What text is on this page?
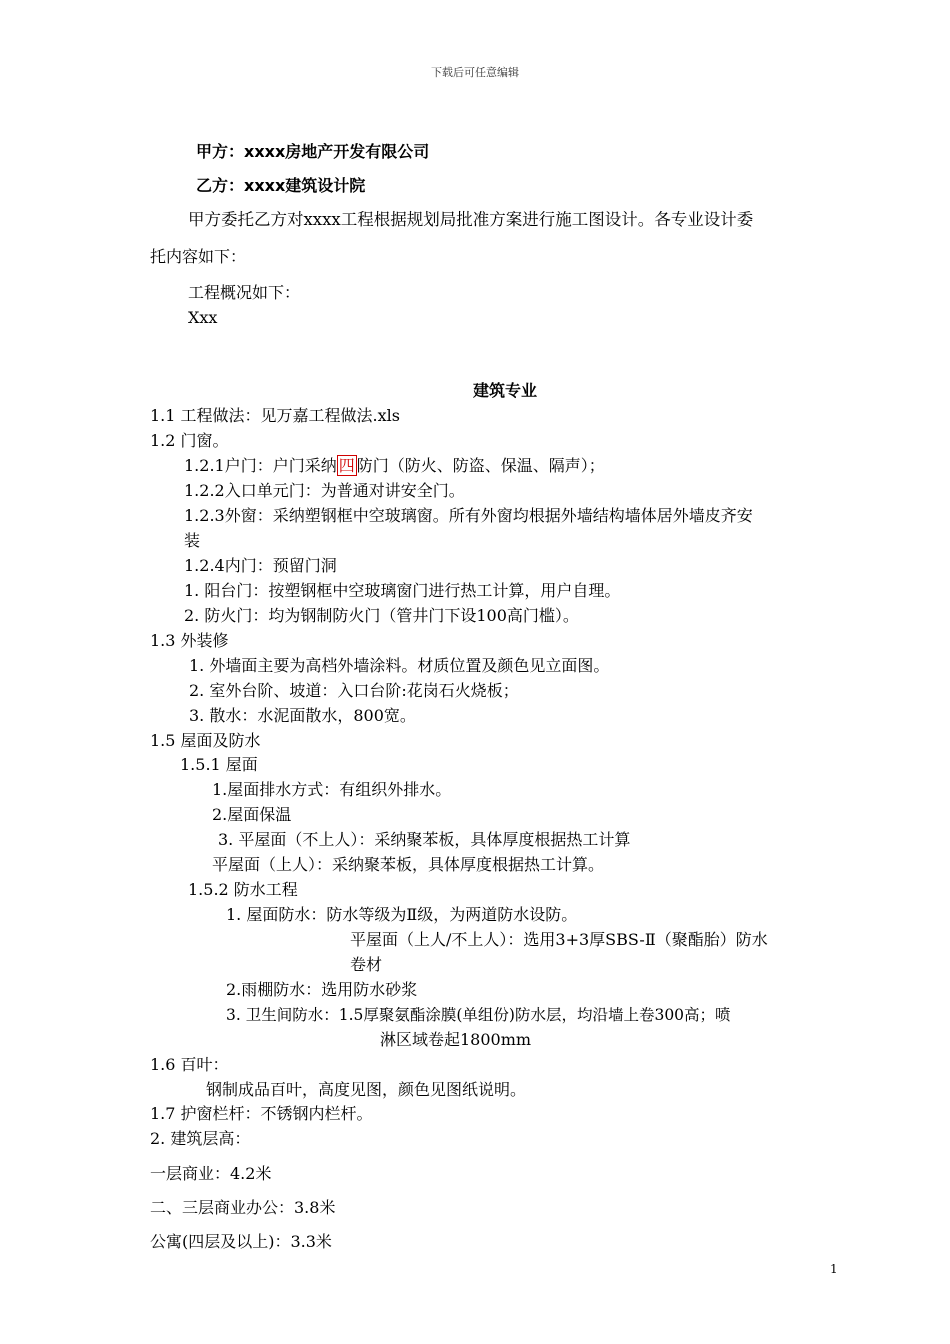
下载后可任意编辑
甲方：xxxx房地产开发有限公司
乙方：xxxx建筑设计院
甲方委托乙方对xxxx工程根据规划局批准方案进行施工图设计。各专业设计委
托内容如下：
工程概况如下：
Xxx
建筑专业
1.1 工程做法：见万嘉工程做法.xls
1.2 门窗。
1.2.1户门：户门采纳 四 防门（防火、防盗、保温、隔声）；
1.2.2入口单元门：为普通对讲安全门。
1.2.3外窗：采纳塑钢框中空玻璃窗。所有外窗均根据外墙结构墙体居外墙皮齐安
装
1.2.4内门：预留门洞
1. 阳台门：按塑钢框中空玻璃窗门进行热工计算，用户自理。
2. 防火门：均为钢制防火门（管井门下设100高门槛）。
1.3 外装修
1. 外墙面主要为高档外墙涂料。材质位置及颜色见立面图。
2. 室外台阶、坡道：入口台阶:花岗石火烧板；
3. 散水：水泥面散水，800宽。
1.5 屋面及防水
1.5.1 屋面
1.屋面排水方式：有组织外排水。
2.屋面保温
3. 平屋面（不上人）：采纳聚苯板，具体厚度根据热工计算
平屋面（上人）：采纳聚苯板，具体厚度根据热工计算。
1.5.2 防水工程
1. 屋面防水：防水等级为Ⅱ级，为两道防水设防。
平屋面（上人/不上人）：选用3+3厚SBS-Ⅱ（聚酯胎）防水
卷材
2.雨棚防水：选用防水砂浆
3. 卫生间防水：1.5厚聚氨酯涂膜(单组份)防水层，均沿墙上卷300高；喷
淋区域卷起1800mm
1.6 百叶：
钢制成品百叶，高度见图，颜色见图纸说明。
1.7 护窗栏杆：不锈钢内栏杆。
2. 建筑层高：
一层商业：4.2米
二、三层商业办公：3.8米
公寓(四层及以上)：3.3米
1
